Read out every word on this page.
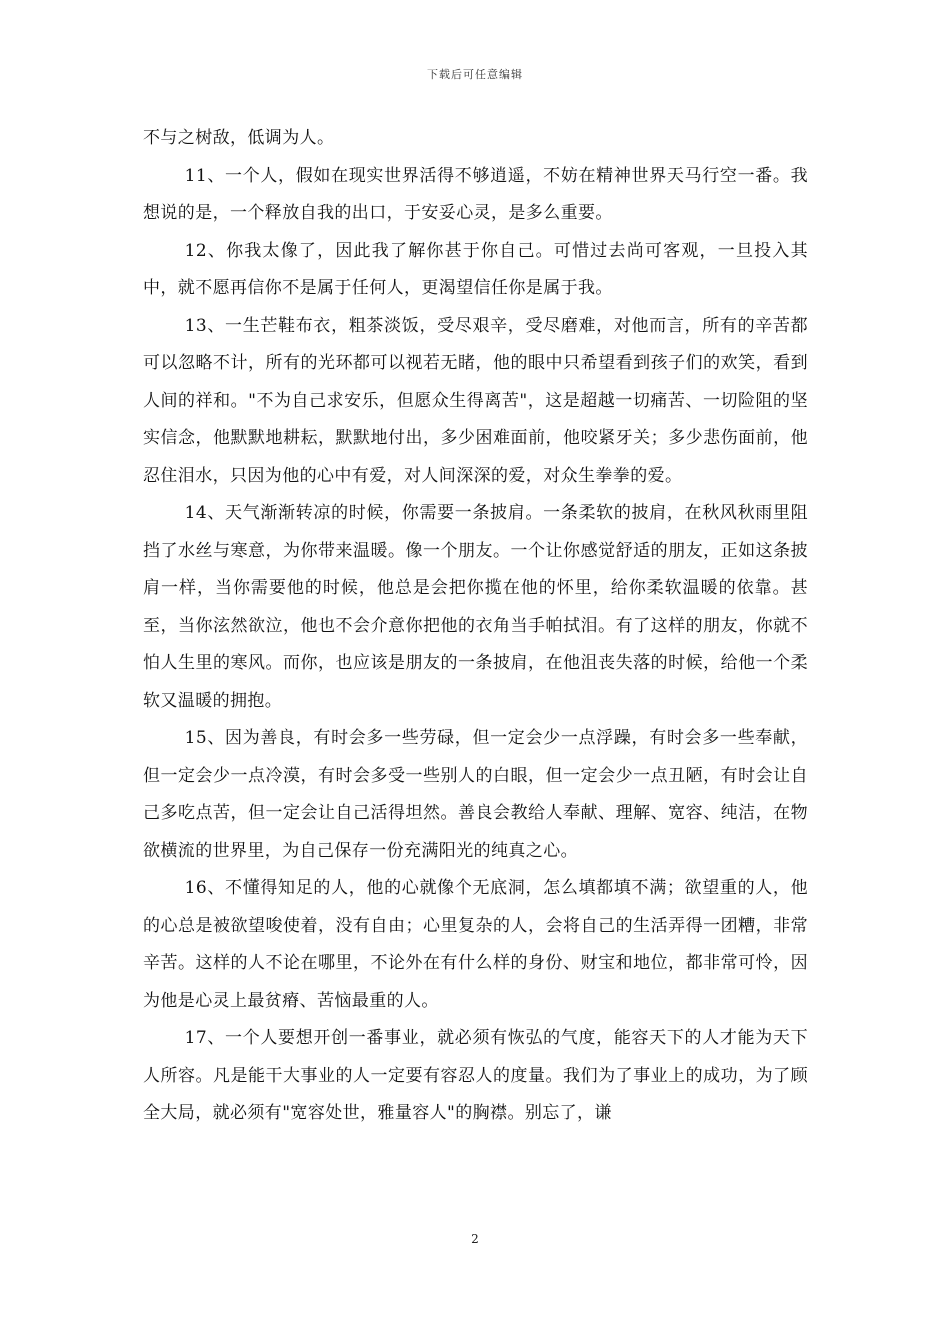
下载后可任意编辑

不与之树敌，低调为人。

11、一个人，假如在现实世界活得不够逍遥，不妨在精神世界天马行空一番。我想说的是，一个释放自我的出口，于安妥心灵，是多么重要。

12、你我太像了，因此我了解你甚于你自己。可惜过去尚可客观，一旦投入其中，就不愿再信你不是属于任何人，更渴望信任你是属于我。

13、一生芒鞋布衣，粗茶淡饭，受尽艰辛，受尽磨难，对他而言，所有的辛苦都可以忽略不计，所有的光环都可以视若无睹，他的眼中只希望看到孩子们的欢笑，看到人间的祥和。"不为自己求安乐，但愿众生得离苦"，这是超越一切痛苦、一切险阻的坚实信念，他默默地耕耘，默默地付出，多少困难面前，他咬紧牙关；多少悲伤面前，他忍住泪水，只因为他的心中有爱，对人间深深的爱，对众生拳拳的爱。

14、天气渐渐转凉的时候，你需要一条披肩。一条柔软的披肩，在秋风秋雨里阻挡了水丝与寒意，为你带来温暖。像一个朋友。一个让你感觉舒适的朋友，正如这条披肩一样，当你需要他的时候，他总是会把你揽在他的怀里，给你柔软温暖的依靠。甚至，当你泫然欲泣，他也不会介意你把他的衣角当手帕拭泪。有了这样的朋友，你就不怕人生里的寒风。而你，也应该是朋友的一条披肩，在他沮丧失落的时候，给他一个柔软又温暖的拥抱。

15、因为善良，有时会多一些劳碌，但一定会少一点浮躁，有时会多一些奉献，但一定会少一点冷漠，有时会多受一些别人的白眼，但一定会少一点丑陋，有时会让自己多吃点苦，但一定会让自己活得坦然。善良会教给人奉献、理解、宽容、纯洁，在物欲横流的世界里，为自己保存一份充满阳光的纯真之心。

16、不懂得知足的人，他的心就像个无底洞，怎么填都填不满；欲望重的人，他的心总是被欲望唆使着，没有自由；心里复杂的人，会将自己的生活弄得一团糟，非常辛苦。这样的人不论在哪里，不论外在有什么样的身份、财宝和地位，都非常可怜，因为他是心灵上最贫瘠、苦恼最重的人。

17、一个人要想开创一番事业，就必须有恢弘的气度，能容天下的人才能为天下人所容。凡是能干大事业的人一定要有容忍人的度量。我们为了事业上的成功，为了顾全大局，就必须有"宽容处世，雅量容人"的胸襟。别忘了，谦

2
